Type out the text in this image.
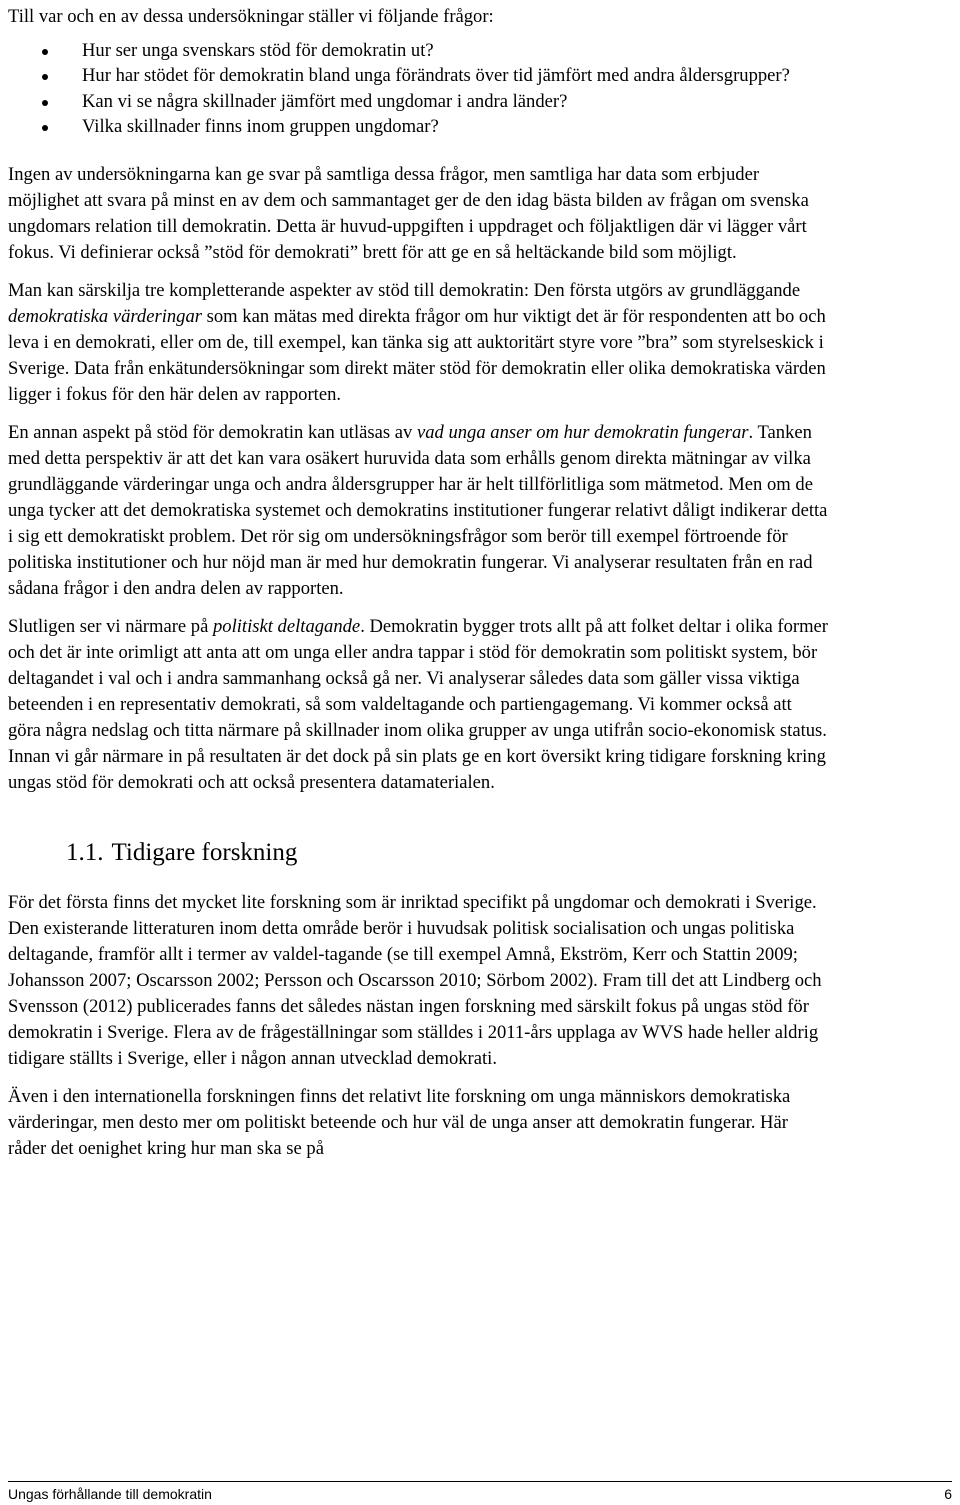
Till var och en av dessa undersökningar ställer vi följande frågor:

Hur ser unga svenskars stöd för demokratin ut?
Hur har stödet för demokratin bland unga förändrats över tid jämfört med andra åldersgrupper?
Kan vi se några skillnader jämfört med ungdomar i andra länder?
Vilka skillnader finns inom gruppen ungdomar?

Ingen av undersökningarna kan ge svar på samtliga dessa frågor, men samtliga har data som erbjuder möjlighet att svara på minst en av dem och sammantaget ger de den idag bästa bilden av frågan om svenska ungdomars relation till demokratin. Detta är huvud-uppgiften i uppdraget och följaktligen där vi lägger vårt fokus. Vi definierar också ”stöd för demokrati” brett för att ge en så heltäckande bild som möjligt.

Man kan särskilja tre kompletterande aspekter av stöd till demokratin: Den första utgörs av grundläggande demokratiska värderingar som kan mätas med direkta frågor om hur viktigt det är för respondenten att bo och leva i en demokrati, eller om de, till exempel, kan tänka sig att auktoritärt styre vore ”bra” som styrelseskick i Sverige. Data från enkätundersökningar som direkt mäter stöd för demokratin eller olika demokratiska värden ligger i fokus för den här delen av rapporten.

En annan aspekt på stöd för demokratin kan utläsas av vad unga anser om hur demokratin fungerar. Tanken med detta perspektiv är att det kan vara osäkert huruvida data som erhålls genom direkta mätningar av vilka grundläggande värderingar unga och andra åldersgrupper har är helt tillförlitliga som mätmetod. Men om de unga tycker att det demokratiska systemet och demokratins institutioner fungerar relativt dåligt indikerar detta i sig ett demokratiskt problem. Det rör sig om undersökningsfrågor som berör till exempel förtroende för politiska institutioner och hur nöjd man är med hur demokratin fungerar. Vi analyserar resultaten från en rad sådana frågor i den andra delen av rapporten.

Slutligen ser vi närmare på politiskt deltagande. Demokratin bygger trots allt på att folket deltar i olika former och det är inte orimligt att anta att om unga eller andra tappar i stöd för demokratin som politiskt system, bör deltagandet i val och i andra sammanhang också gå ner. Vi analyserar således data som gäller vissa viktiga beteenden i en representativ demokrati, så som valdeltagande och partiengagemang. Vi kommer också att göra några nedslag och titta närmare på skillnader inom olika grupper av unga utifrån socio-ekonomisk status. Innan vi går närmare in på resultaten är det dock på sin plats ge en kort översikt kring tidigare forskning kring ungas stöd för demokrati och att också presentera datamaterialen.

1.1. Tidigare forskning

För det första finns det mycket lite forskning som är inriktad specifikt på ungdomar och demokrati i Sverige. Den existerande litteraturen inom detta område berör i huvudsak politisk socialisation och ungas politiska deltagande, framför allt i termer av valdel-tagande (se till exempel Amnå, Ekström, Kerr och Stattin 2009; Johansson 2007; Oscarsson 2002; Persson och Oscarsson 2010; Sörbom 2002). Fram till det att Lindberg och Svensson (2012) publicerades fanns det således nästan ingen forskning med särskilt fokus på ungas stöd för demokratin i Sverige. Flera av de frågeställningar som ställdes i 2011-års upplaga av WVS hade heller aldrig tidigare ställts i Sverige, eller i någon annan utvecklad demokrati.

Även i den internationella forskningen finns det relativt lite forskning om unga människors demokratiska värderingar, men desto mer om politiskt beteende och hur väl de unga anser att demokratin fungerar. Här råder det oenighet kring hur man ska se på

Ungas förhållande till demokratin	6
